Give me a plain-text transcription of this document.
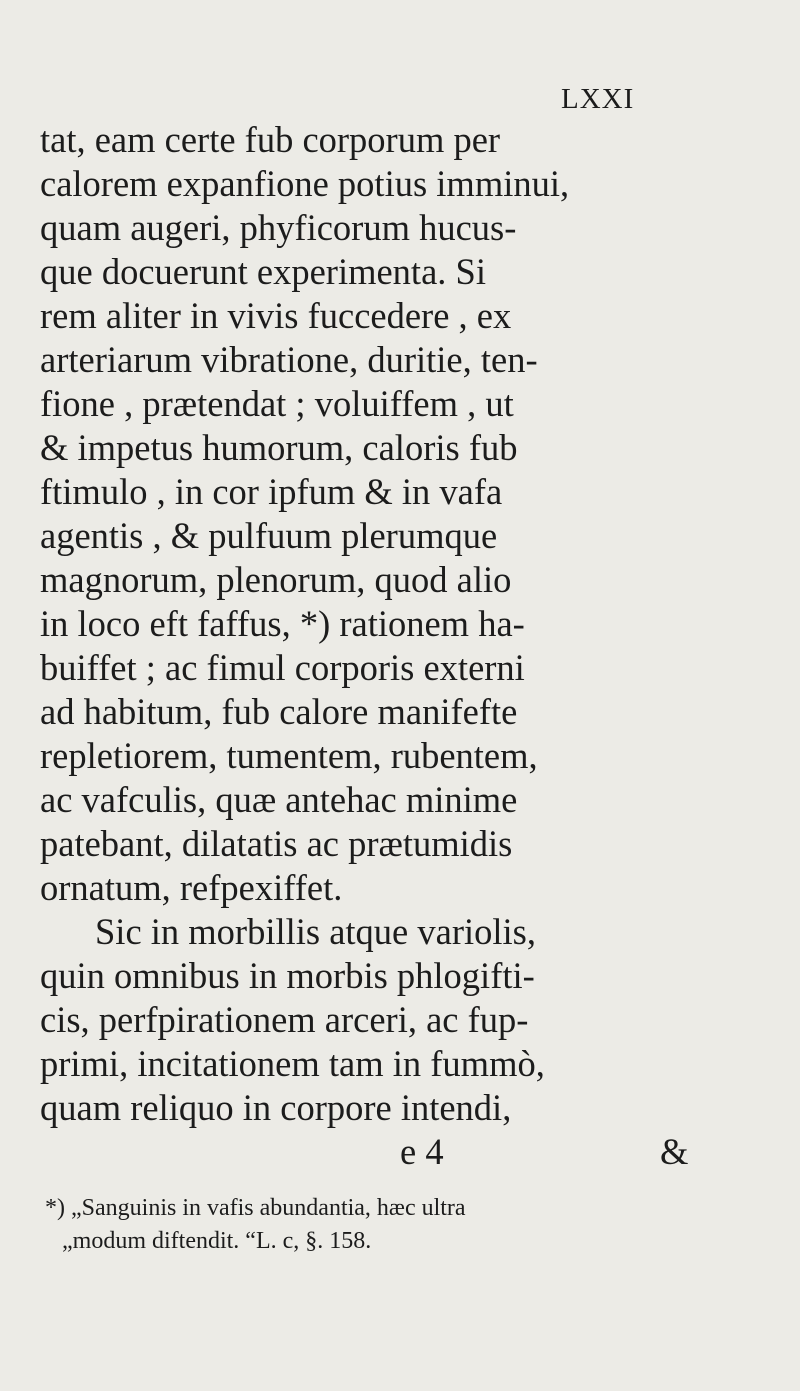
LXXI
tat, eam certe fub corporum per
calorem expanfione potius imminui,
quam augeri, phyficorum hucus-
que docuerunt experimenta. Si
rem aliter in vivis fuccedere , ex
arteriarum vibratione, duritie, ten-
fione , prætendat ; voluiffem , ut
& impetus humorum, caloris fub
ftimulo , in cor ipfum & in vafa
agentis , & pulfuum plerumque
magnorum, plenorum, quod alio
in loco eft faffus, *) rationem ha-
buiffet ; ac fimul corporis externi
ad habitum, fub calore manifefte
repletiorem, tumentem, rubentem,
ac vafculis, quæ antehac minime
patebant, dilatatis ac prætumidis
ornatum, refpexiffet.
Sic in morbillis atque variolis,
quin omnibus in morbis phlogifti-
cis, perfpirationem arceri, ac fup-
primi, incitationem tam in fummò,
quam reliquo in corpore intendi,
e 4	&
*) „Sanguinis in vafis abundantia, hæc ultra
„modum diftendit. “L. c, §. 158.
